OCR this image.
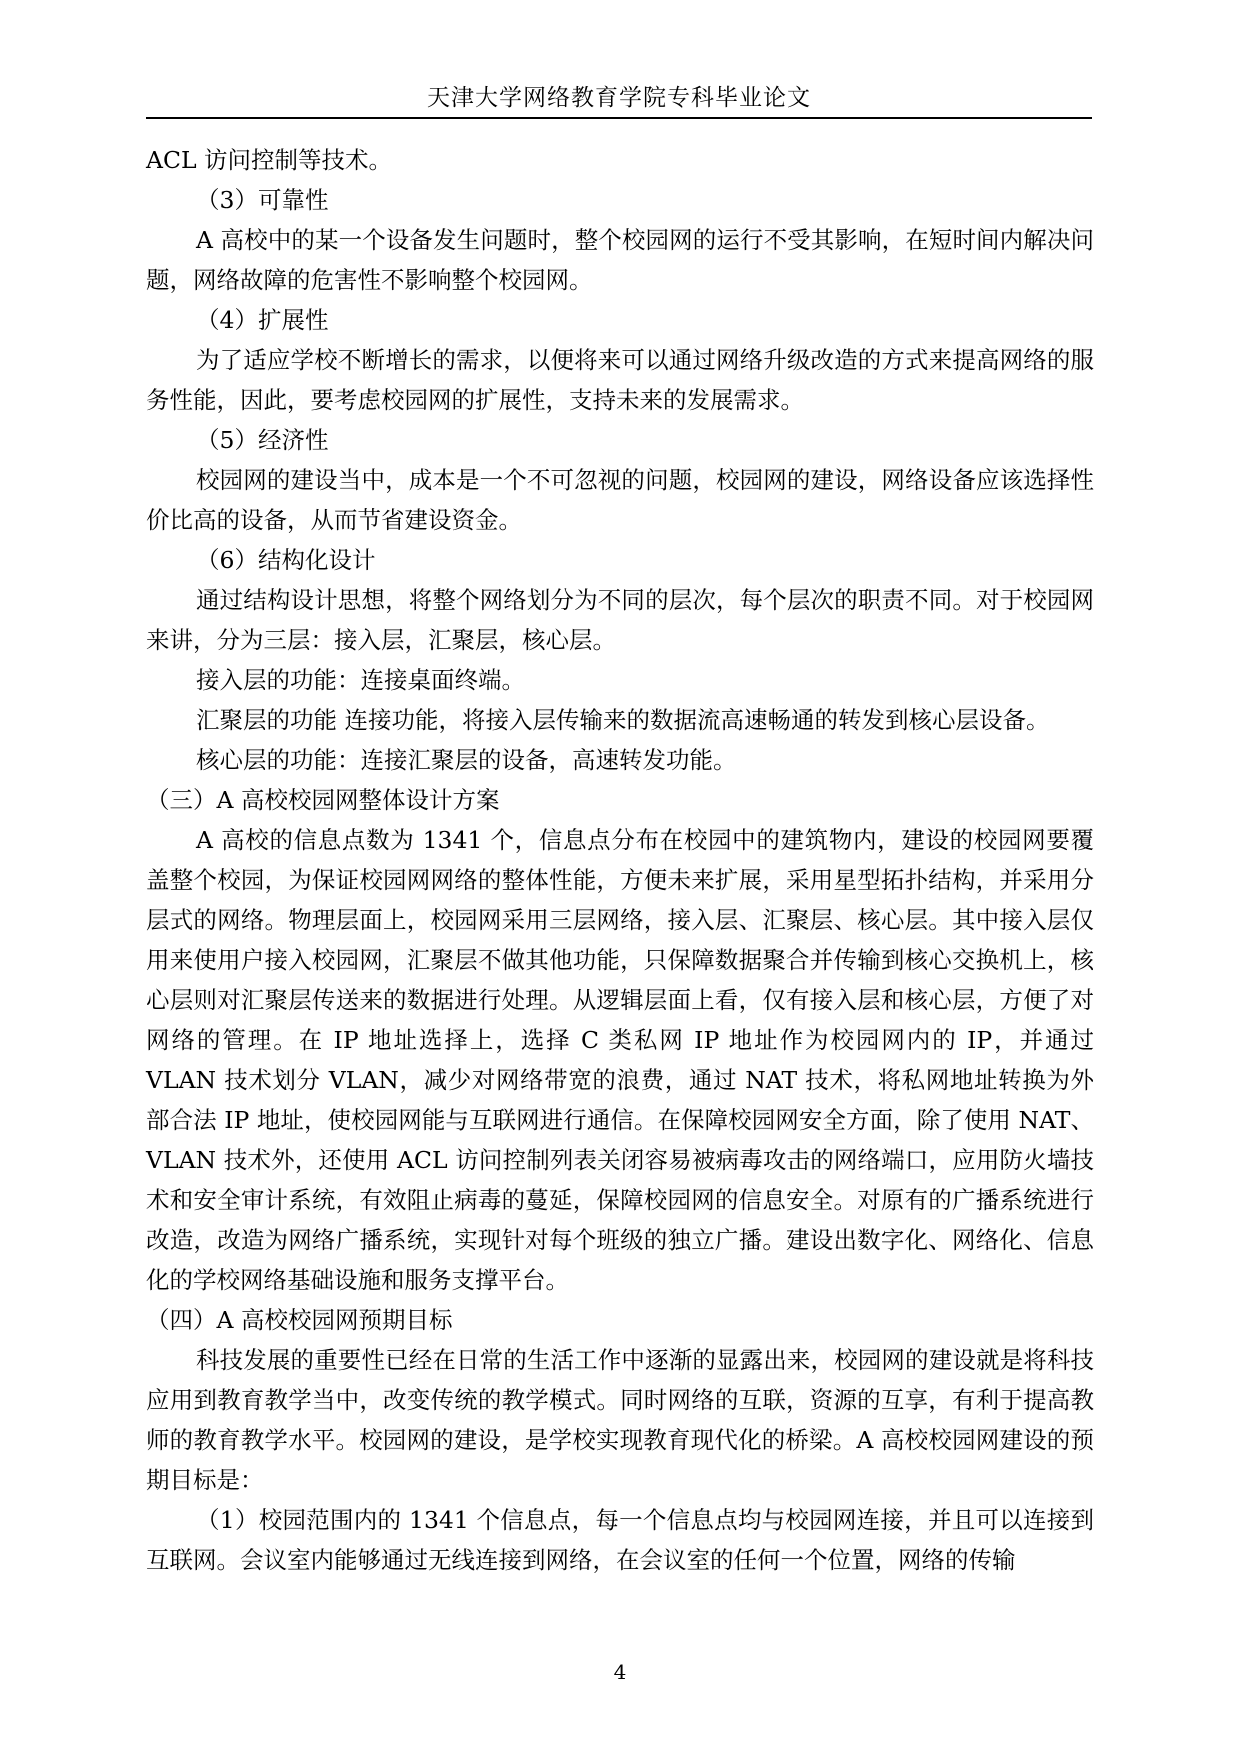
天津大学网络教育学院专科毕业论文

ACL 访问控制等技术。

（3）可靠性

A 高校中的某一个设备发生问题时，整个校园网的运行不受其影响，在短时间内解决问题，网络故障的危害性不影响整个校园网。

（4）扩展性

为了适应学校不断增长的需求，以便将来可以通过网络升级改造的方式来提高网络的服务性能，因此，要考虑校园网的扩展性，支持未来的发展需求。

（5）经济性

校园网的建设当中，成本是一个不可忽视的问题，校园网的建设，网络设备应该选择性价比高的设备，从而节省建设资金。

（6）结构化设计

通过结构设计思想，将整个网络划分为不同的层次，每个层次的职责不同。对于校园网来讲，分为三层：接入层，汇聚层，核心层。

接入层的功能：连接桌面终端。

汇聚层的功能 连接功能，将接入层传输来的数据流高速畅通的转发到核心层设备。

核心层的功能：连接汇聚层的设备，高速转发功能。

（三）A 高校校园网整体设计方案

A 高校的信息点数为 1341 个，信息点分布在校园中的建筑物内，建设的校园网要覆盖整个校园，为保证校园网网络的整体性能，方便未来扩展，采用星型拓扑结构，并采用分层式的网络。物理层面上，校园网采用三层网络，接入层、汇聚层、核心层。其中接入层仅用来使用户接入校园网，汇聚层不做其他功能，只保障数据聚合并传输到核心交换机上，核心层则对汇聚层传送来的数据进行处理。从逻辑层面上看，仅有接入层和核心层，方便了对网络的管理。在 IP 地址选择上，选择 C 类私网 IP 地址作为校园网内的 IP，并通过 VLAN 技术划分 VLAN，减少对网络带宽的浪费，通过 NAT 技术，将私网地址转换为外部合法 IP 地址，使校园网能与互联网进行通信。在保障校园网安全方面，除了使用 NAT、VLAN 技术外，还使用 ACL 访问控制列表关闭容易被病毒攻击的网络端口，应用防火墙技术和安全审计系统，有效阻止病毒的蔓延，保障校园网的信息安全。对原有的广播系统进行改造，改造为网络广播系统，实现针对每个班级的独立广播。建设出数字化、网络化、信息化的学校网络基础设施和服务支撑平台。

（四）A 高校校园网预期目标

科技发展的重要性已经在日常的生活工作中逐渐的显露出来，校园网的建设就是将科技应用到教育教学当中，改变传统的教学模式。同时网络的互联，资源的互享，有利于提高教师的教育教学水平。校园网的建设，是学校实现教育现代化的桥梁。A 高校校园网建设的预期目标是：

（1）校园范围内的 1341 个信息点，每一个信息点均与校园网连接，并且可以连接到互联网。会议室内能够通过无线连接到网络，在会议室的任何一个位置，网络的传输

4
